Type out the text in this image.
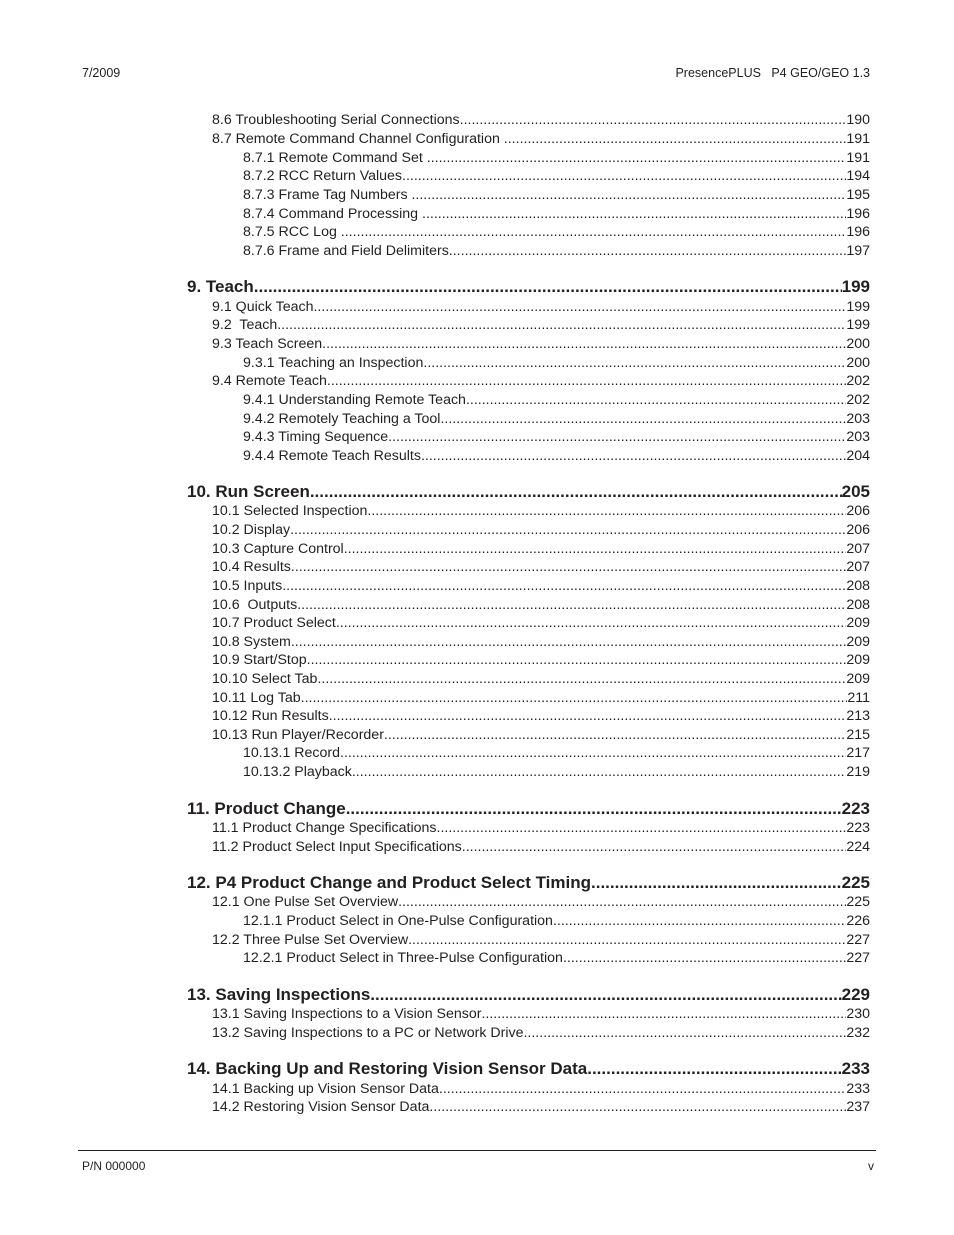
7/2009	PresencePLUS   P4 GEO/GEO 1.3
8.6 Troubleshooting Serial Connections .....	190
8.7 Remote Command Channel Configuration .....	191
8.7.1 Remote Command Set .....	191
8.7.2 RCC Return Values .....	194
8.7.3 Frame Tag Numbers .....	195
8.7.4 Command Processing .....	196
8.7.5 RCC Log .....	196
8.7.6 Frame and Field Delimiters .....	197
9. Teach .....	199
9.1 Quick Teach .....	199
9.2  Teach .....	199
9.3 Teach Screen .....	200
9.3.1 Teaching an Inspection .....	200
9.4 Remote Teach .....	202
9.4.1 Understanding Remote Teach .....	202
9.4.2 Remotely Teaching a Tool .....	203
9.4.3 Timing Sequence .....	203
9.4.4 Remote Teach Results .....	204
10. Run Screen .....	205
10.1 Selected Inspection .....	206
10.2 Display .....	206
10.3 Capture Control .....	207
10.4 Results .....	207
10.5 Inputs .....	208
10.6  Outputs .....	208
10.7 Product Select .....	209
10.8 System .....	209
10.9 Start/Stop .....	209
10.10 Select Tab .....	209
10.11 Log Tab .....	211
10.12 Run Results .....	213
10.13 Run Player/Recorder .....	215
10.13.1 Record .....	217
10.13.2 Playback .....	219
11. Product Change .....	223
11.1 Product Change Specifications .....	223
11.2 Product Select Input Specifications .....	224
12. P4 Product Change and Product Select Timing .....	225
12.1 One Pulse Set Overview .....	225
12.1.1 Product Select in One-Pulse Configuration .....	226
12.2 Three Pulse Set Overview .....	227
12.2.1 Product Select in Three-Pulse Configuration .....	227
13. Saving Inspections .....	229
13.1 Saving Inspections to a Vision Sensor .....	230
13.2 Saving Inspections to a PC or Network Drive .....	232
14. Backing Up and Restoring Vision Sensor Data .....	233
14.1 Backing up Vision Sensor Data .....	233
14.2 Restoring Vision Sensor Data .....	237
P/N 000000	v
